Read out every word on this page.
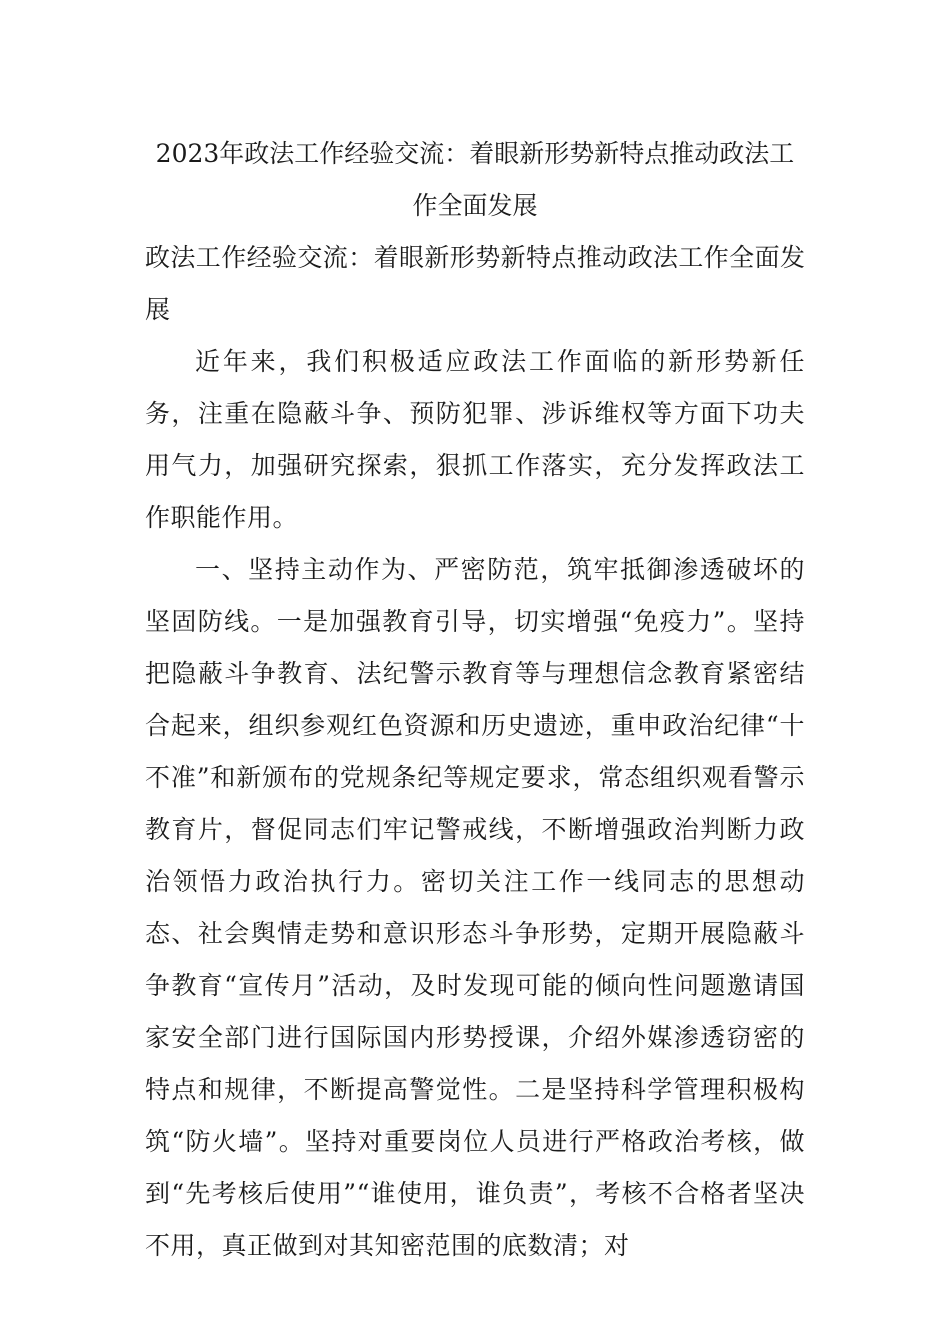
2023年政法工作经验交流：着眼新形势新特点推动政法工作全面发展

政法工作经验交流：着眼新形势新特点推动政法工作全面发展

近年来，我们积极适应政法工作面临的新形势新任务，注重在隐蔽斗争、预防犯罪、涉诉维权等方面下功夫用气力，加强研究探索，狠抓工作落实，充分发挥政法工作职能作用。

一、坚持主动作为、严密防范，筑牢抵御渗透破坏的坚固防线。一是加强教育引导，切实增强“免疫力”。坚持把隐蔽斗争教育、法纪警示教育等与理想信念教育紧密结合起来，组织参观红色资源和历史遗迹，重申政治纪律“十不准”和新颁布的党规条纪等规定要求，常态组织观看警示教育片，督促同志们牢记警戒线，不断增强政治判断力政治领悟力政治执行力。密切关注工作一线同志的思想动态、社会舆情走势和意识形态斗争形势，定期开展隐蔽斗争教育“宣传月”活动，及时发现可能的倾向性问题邀请国家安全部门进行国际国内形势授课，介绍外媒渗透窃密的特点和规律，不断提高警觉性。二是坚持科学管理积极构筑“防火墙”。坚持对重要岗位人员进行严格政治考核，做到“先考核后使用”“谁使用，谁负责”，考核不合格者坚决不用，真正做到对其知密范围的底数清；对
